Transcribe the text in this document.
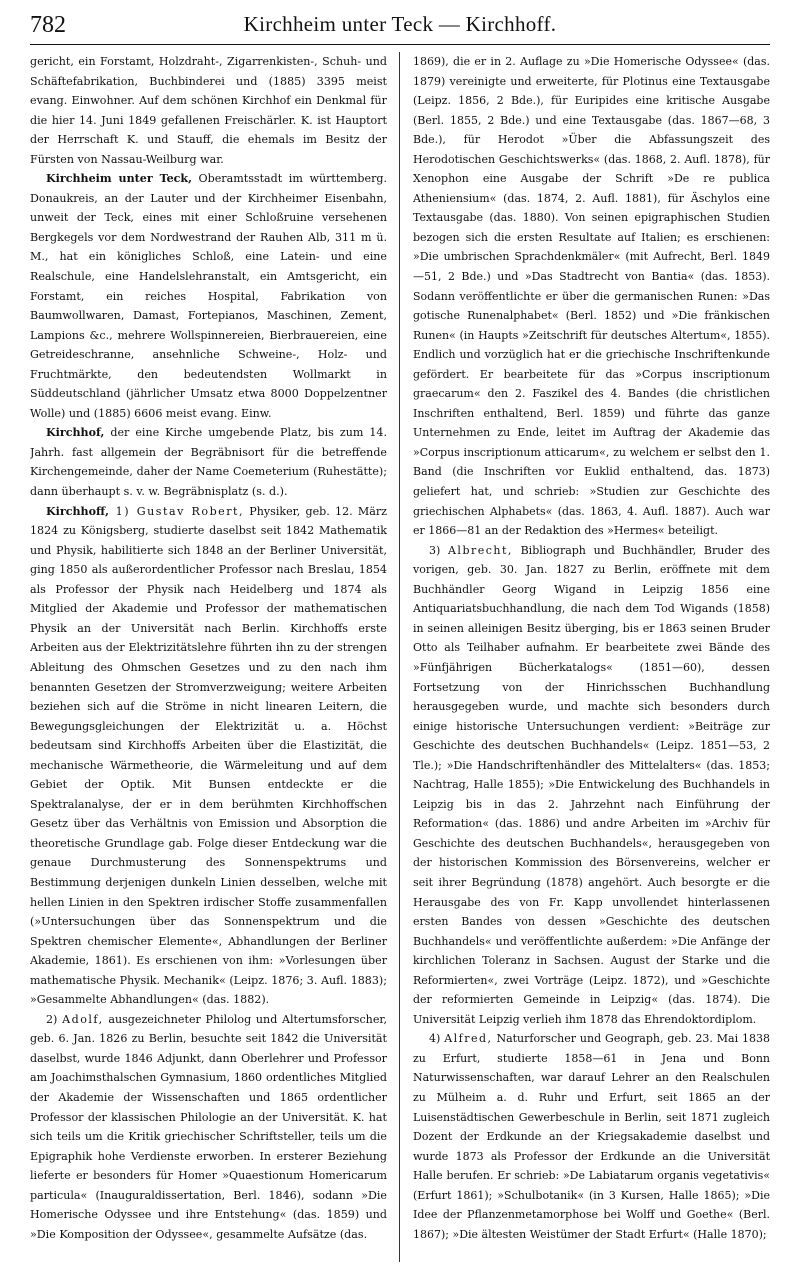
782	Kirchheim unter Teck — Kirchhoff.

gericht, ein Forstamt, Holzdraht-, Zigarrenkisten-, Schuh- und Schäftefabrikation, Buchbinderei und (1885) 3395 meist evang. Einwohner. Auf dem schönen Kirchhof ein Denkmal für die hier 14. Juni 1849 gefallenen Freischärler. K. ist Hauptort der Herrschaft K. und Stauff, die ehemals im Besitz der Fürsten von Nassau-Weilburg war.

Kirchheim unter Teck, Oberamtsstadt im württemberg. Donaukreis, an der Lauter und der Kirchheimer Eisenbahn, unweit der Teck, eines mit einer Schloßruine versehenen Bergkegels vor dem Nordwestrand der Rauhen Alb, 311 m ü. M., hat ein königliches Schloß, eine Latein- und eine Realschule, eine Handelslehranstalt, ein Amtsgericht, ein Forstamt, ein reiches Hospital, Fabrikation von Baumwollwaren, Damast, Fortepianos, Maschinen, Zement, Lampions &c., mehrere Wollspinnereien, Bierbrauereien, eine Getreideschranne, ansehnliche Schweine-, Holz- und Fruchtmärkte, den bedeutendsten Wollmarkt in Süddeutschland (jährlicher Umsatz etwa 8000 Doppelzentner Wolle) und (1885) 6606 meist evang. Einw.

Kirchhof, der eine Kirche umgebende Platz, bis zum 14. Jahrh. fast allgemein der Begräbnisort für die betreffende Kirchengemeinde, daher der Name Coemeterium (Ruhestätte); dann überhaupt s. v. w. Begräbnisplatz (s. d.).

Kirchhoff, 1) Gustav Robert, Physiker, geb. 12. März 1824 zu Königsberg, studierte daselbst seit 1842 Mathematik und Physik, habilitierte sich 1848 an der Berliner Universität, ging 1850 als außerordentlicher Professor nach Breslau, 1854 als Professor der Physik nach Heidelberg und 1874 als Mitglied der Akademie und Professor der mathematischen Physik an der Universität nach Berlin. Kirchhoffs erste Arbeiten aus der Elektrizitätslehre führten ihn zu der strengen Ableitung des Ohmschen Gesetzes und zu den nach ihm benannten Gesetzen der Stromverzweigung; weitere Arbeiten beziehen sich auf die Ströme in nicht linearen Leitern, die Bewegungsgleichungen der Elektrizität u. a. Höchst bedeutsam sind Kirchhoffs Arbeiten über die Elastizität, die mechanische Wärmetheorie, die Wärmeleitung und auf dem Gebiet der Optik. Mit Bunsen entdeckte er die Spektralanalyse, der er in dem berühmten Kirchhoffschen Gesetz über das Verhältnis von Emission und Absorption die theoretische Grundlage gab. Folge dieser Entdeckung war die genaue Durchmusterung des Sonnenspektrums und Bestimmung derjenigen dunkeln Linien desselben, welche mit hellen Linien in den Spektren irdischer Stoffe zusammenfallen (»Untersuchungen über das Sonnenspektrum und die Spektren chemischer Elemente«, Abhandlungen der Berliner Akademie, 1861). Es erschienen von ihm: »Vorlesungen über mathematische Physik. Mechanik« (Leipz. 1876; 3. Aufl. 1883); »Gesammelte Abhandlungen« (das. 1882).

2) Adolf, ausgezeichneter Philolog und Altertumsforscher, geb. 6. Jan. 1826 zu Berlin, besuchte seit 1842 die Universität daselbst, wurde 1846 Adjunkt, dann Oberlehrer und Professor am Joachimsthalschen Gymnasium, 1860 ordentliches Mitglied der Akademie der Wissenschaften und 1865 ordentlicher Professor der klassischen Philologie an der Universität. K. hat sich teils um die Kritik griechischer Schriftsteller, teils um die Epigraphik hohe Verdienste erworben. In ersterer Beziehung lieferte er besonders für Homer »Quaestionum Homericarum particula« (Inauguraldissertation, Berl. 1846), sodann »Die Homerische Odyssee und ihre Entstehung« (das. 1859) und »Die Komposition der Odyssee«, gesammelte Aufsätze (das.

1869), die er in 2. Auflage zu »Die Homerische Odyssee« (das. 1879) vereinigte und erweiterte, für Plotinus eine Textausgabe (Leipz. 1856, 2 Bde.), für Euripides eine kritische Ausgabe (Berl. 1855, 2 Bde.) und eine Textausgabe (das. 1867—68, 3 Bde.), für Herodot »Über die Abfassungszeit des Herodotischen Geschichtswerks« (das. 1868, 2. Aufl. 1878), für Xenophon eine Ausgabe der Schrift »De re publica Atheniensium« (das. 1874, 2. Aufl. 1881), für Äschylos eine Textausgabe (das. 1880). Von seinen epigraphischen Studien bezogen sich die ersten Resultate auf Italien; es erschienen: »Die umbrischen Sprachdenkmäler« (mit Aufrecht, Berl. 1849—51, 2 Bde.) und »Das Stadtrecht von Bantia« (das. 1853). Sodann veröffentlichte er über die germanischen Runen: »Das gotische Runenalphabet« (Berl. 1852) und »Die fränkischen Runen« (in Haupts »Zeitschrift für deutsches Altertum«, 1855). Endlich und vorzüglich hat er die griechische Inschriftenkunde gefördert. Er bearbeitete für das »Corpus inscriptionum graecarum« den 2. Faszikel des 4. Bandes (die christlichen Inschriften enthaltend, Berl. 1859) und führte das ganze Unternehmen zu Ende, leitet im Auftrag der Akademie das »Corpus inscriptionum atticarum«, zu welchem er selbst den 1. Band (die Inschriften vor Euklid enthaltend, das. 1873) geliefert hat, und schrieb: »Studien zur Geschichte des griechischen Alphabets« (das. 1863, 4. Aufl. 1887). Auch war er 1866—81 an der Redaktion des »Hermes« beteiligt.

3) Albrecht, Bibliograph und Buchhändler, Bruder des vorigen, geb. 30. Jan. 1827 zu Berlin, eröffnete mit dem Buchhändler Georg Wigand in Leipzig 1856 eine Antiquariatsbuchhandlung, die nach dem Tod Wigands (1858) in seinen alleinigen Besitz überging, bis er 1863 seinen Bruder Otto als Teilhaber aufnahm. Er bearbeitete zwei Bände des »Fünfjährigen Bücherkatalogs« (1851—60), dessen Fortsetzung von der Hinrichsschen Buchhandlung herausgegeben wurde, und machte sich besonders durch einige historische Untersuchungen verdient: »Beiträge zur Geschichte des deutschen Buchhandels« (Leipz. 1851—53, 2 Tle.); »Die Handschriftenhändler des Mittelalters« (das. 1853; Nachtrag, Halle 1855); »Die Entwickelung des Buchhandels in Leipzig bis in das 2. Jahrzehnt nach Einführung der Reformation« (das. 1886) und andre Arbeiten im »Archiv für Geschichte des deutschen Buchhandels«, herausgegeben von der historischen Kommission des Börsenvereins, welcher er seit ihrer Begründung (1878) angehört. Auch besorgte er die Herausgabe des von Fr. Kapp unvollendet hinterlassenen ersten Bandes von dessen »Geschichte des deutschen Buchhandels« und veröffentlichte außerdem: »Die Anfänge der kirchlichen Toleranz in Sachsen. August der Starke und die Reformierten«, zwei Vorträge (Leipz. 1872), und »Geschichte der reformierten Gemeinde in Leipzig« (das. 1874). Die Universität Leipzig verlieh ihm 1878 das Ehrendoktordiplom.

4) Alfred, Naturforscher und Geograph, geb. 23. Mai 1838 zu Erfurt, studierte 1858—61 in Jena und Bonn Naturwissenschaften, war darauf Lehrer an den Realschulen zu Mülheim a. d. Ruhr und Erfurt, seit 1865 an der Luisenstädtischen Gewerbeschule in Berlin, seit 1871 zugleich Dozent der Erdkunde an der Kriegsakademie daselbst und wurde 1873 als Professor der Erdkunde an die Universität Halle berufen. Er schrieb: »De Labiatarum organis vegetativis« (Erfurt 1861); »Schulbotanik« (in 3 Kursen, Halle 1865); »Die Idee der Pflanzenmetamorphose bei Wolff und Goethe« (Berl. 1867); »Die ältesten Weistümer der Stadt Erfurt« (Halle 1870);
